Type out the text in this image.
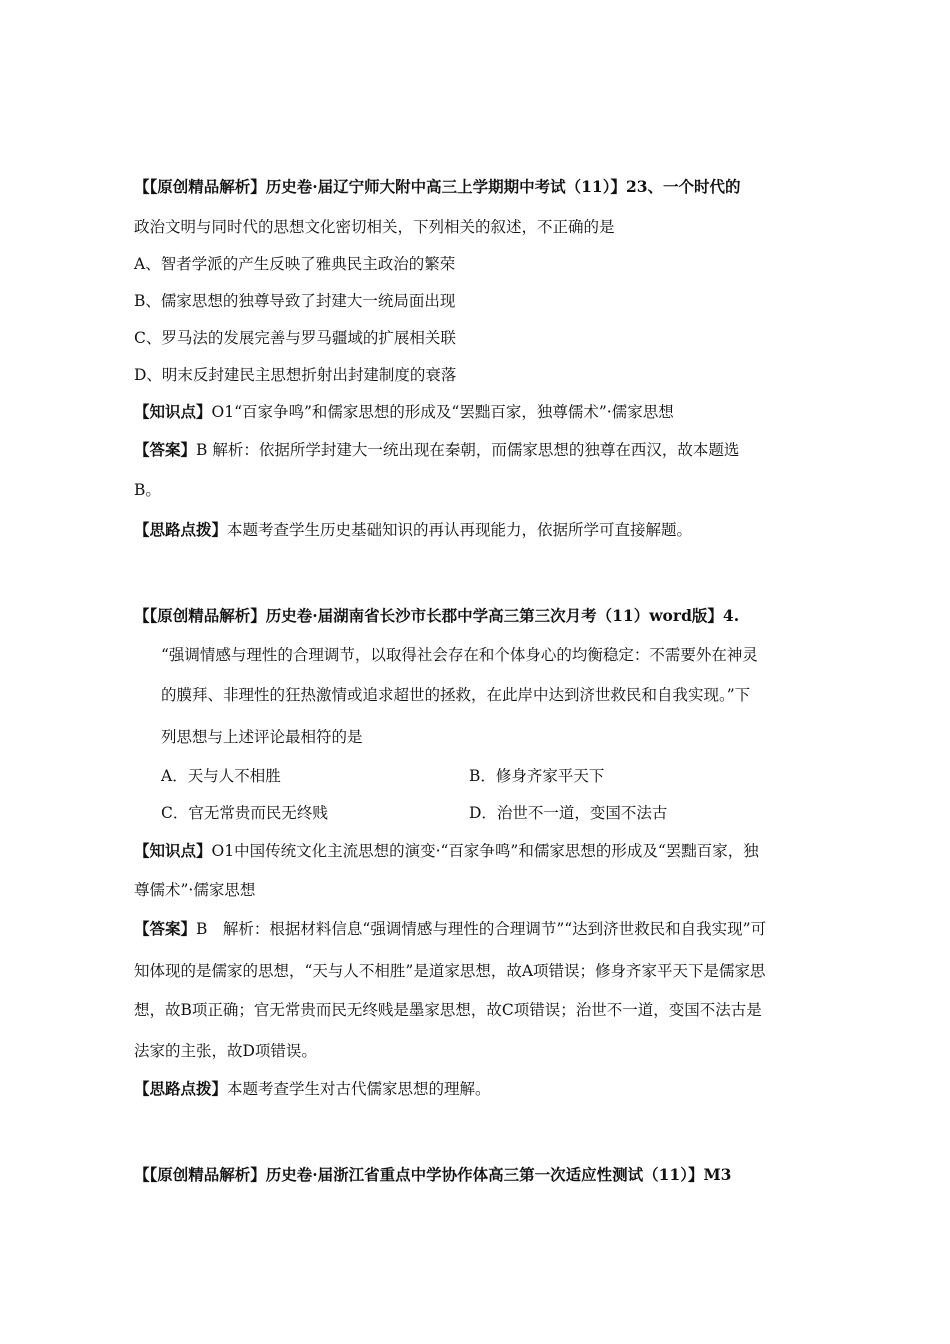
【【原创精品解析】历史卷·届辽宁师大附中高三上学期期中考试（11）】23、一个时代的
政治文明与同时代的思想文化密切相关，下列相关的叙述，不正确的是
A、智者学派的产生反映了雅典民主政治的繁荣
B、儒家思想的独尊导致了封建大一统局面出现
C、罗马法的发展完善与罗马疆域的扩展相关联
D、明末反封建民主思想折射出封建制度的衰落
【知识点】O1“百家争鸣”和儒家思想的形成及“罢黜百家，独尊儒术”·儒家思想
【答案】B 解析：依据所学封建大一统出现在秦朝，而儒家思想的独尊在西汉，故本题选
B。
【思路点拨】本题考查学生历史基础知识的再认再现能力，依据所学可直接解题。
【【原创精品解析】历史卷·届湖南省长沙市长郡中学高三第三次月考（11）word版】4.
“强调情感与理性的合理调节，以取得社会存在和个体身心的均衡稳定：不需要外在神灵
的膜拜、非理性的狂热激情或追求超世的拯救，在此岸中达到济世救民和自我实现。”下
列思想与上述评论最相符的是
A．天与人不相胜	B．修身齐家平天下
C．官无常贵而民无终贱	D．治世不一道，变国不法古
【知识点】O1中国传统文化主流思想的演变·“百家争鸣”和儒家思想的形成及“罢黜百家，独
尊儒术”·儒家思想
【答案】B　解析：根据材料信息“强调情感与理性的合理调节”“达到济世救民和自我实现”可
知体现的是儒家的思想，“天与人不相胜”是道家思想，故A项错误；修身齐家平天下是儒家思
想，故B项正确；官无常贵而民无终贱是墨家思想，故C项错误；治世不一道，变国不法古是
法家的主张，故D项错误。
【思路点拨】本题考查学生对古代儒家思想的理解。
【【原创精品解析】历史卷·届浙江省重点中学协作体高三第一次适应性测试（11）】M3
